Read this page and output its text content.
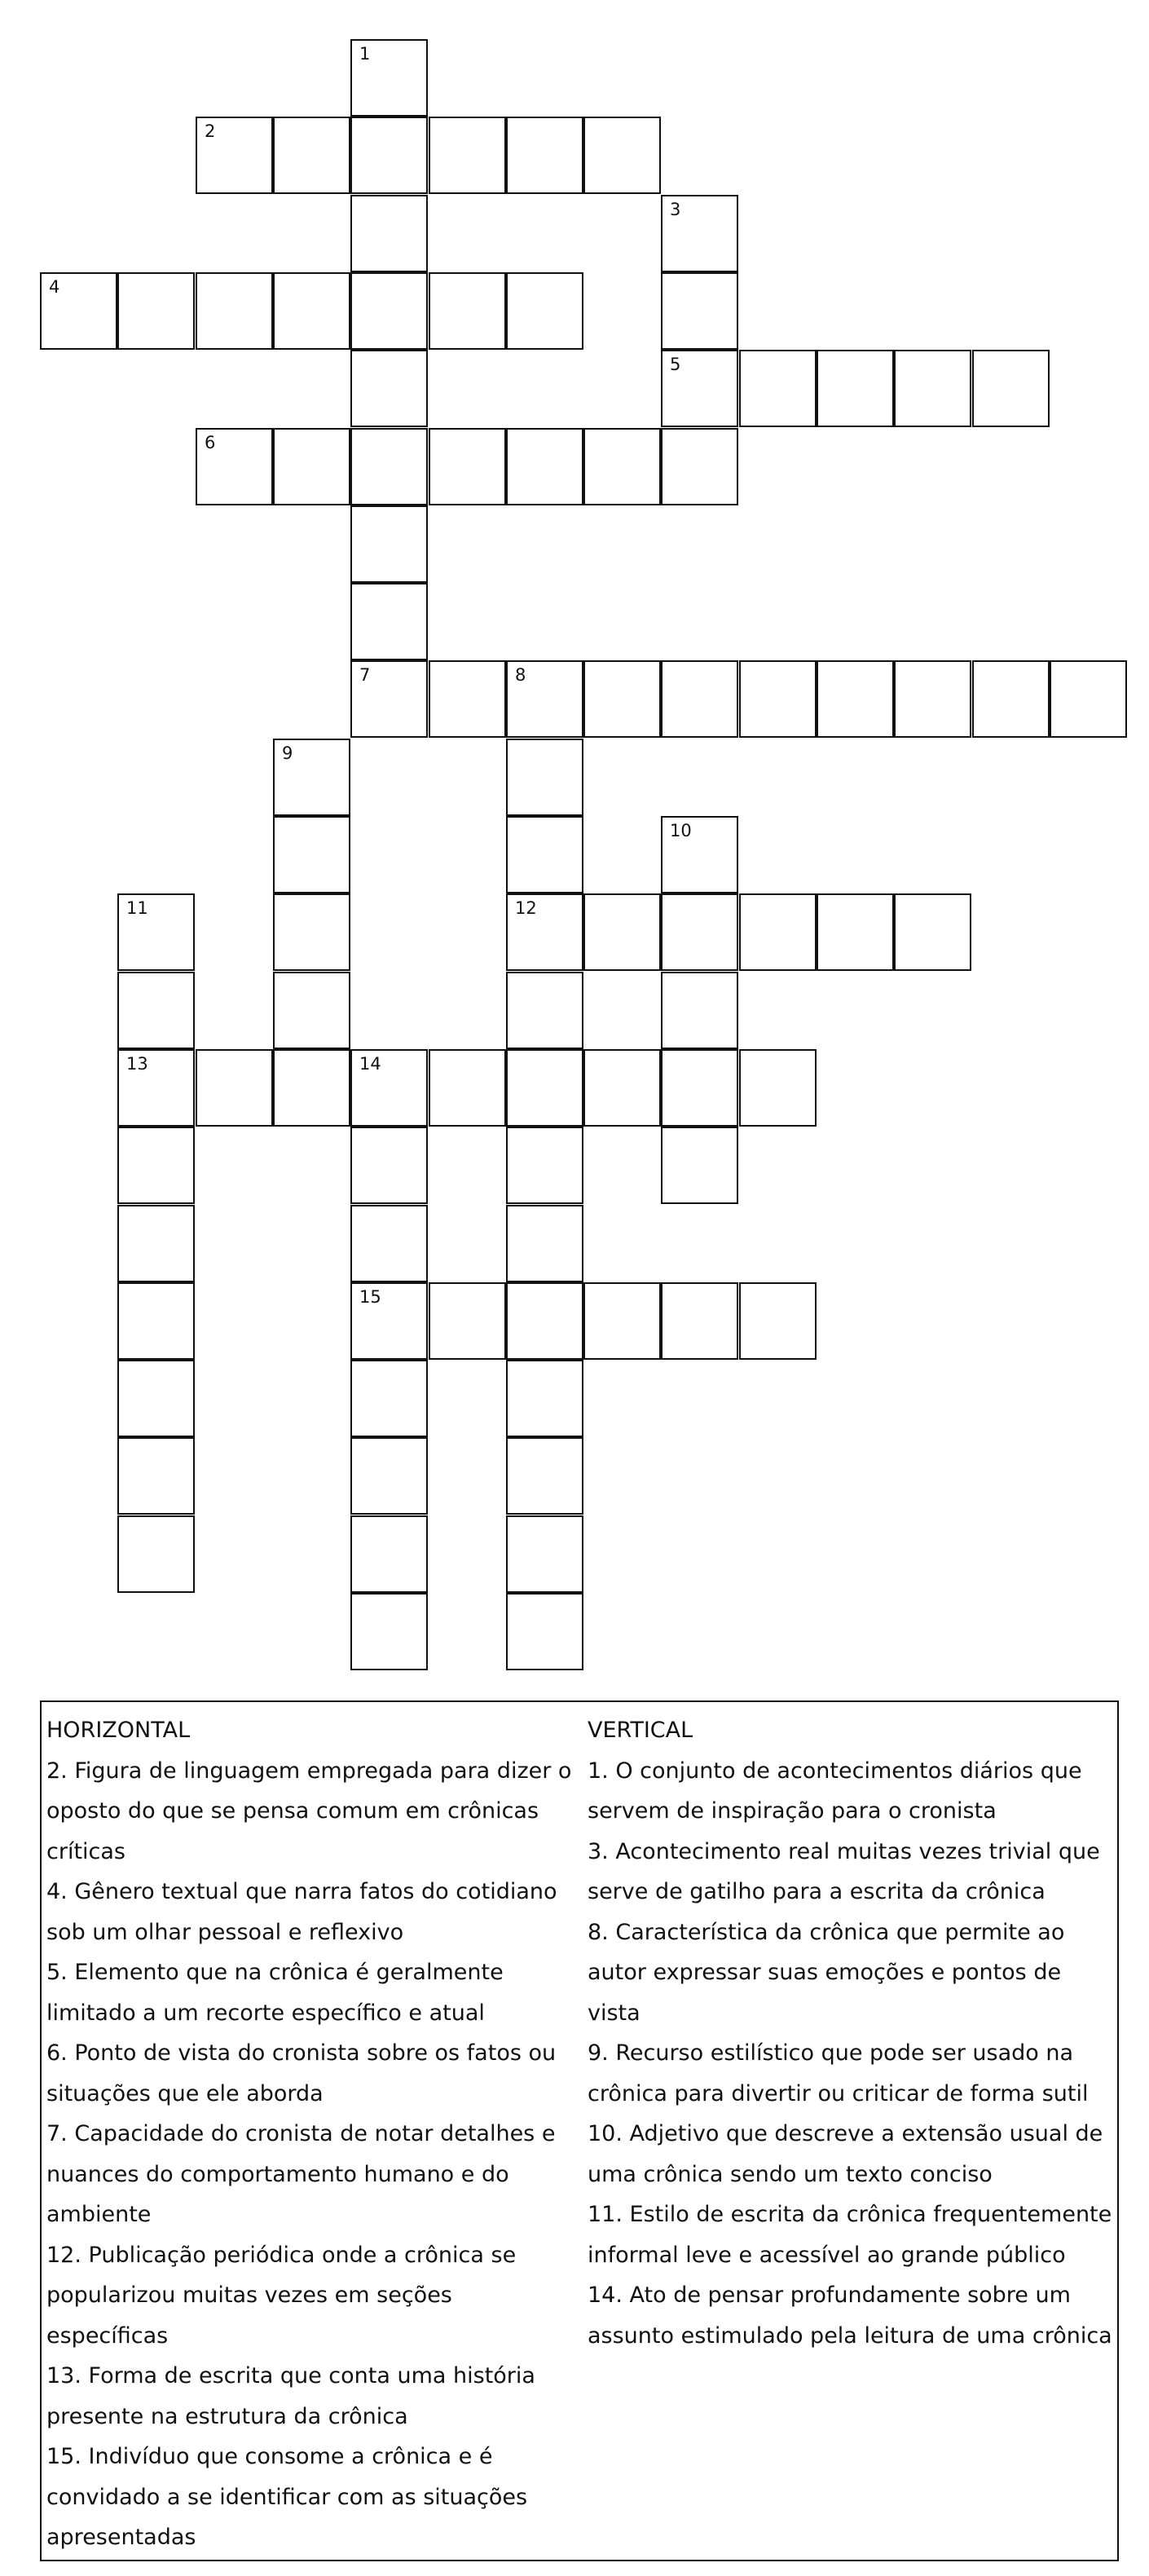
2
4
5
6
7	8
12
13	14
15
1
3
9
10
11
HORIZONTAL
2. Figura de linguagem empregada para dizer o
oposto do que se pensa comum em crônicas
críticas
4. Gênero textual que narra fatos do cotidiano
sob um olhar pessoal e reflexivo
5. Elemento que na crônica é geralmente
limitado a um recorte específico e atual
6. Ponto de vista do cronista sobre os fatos ou
situações que ele aborda
7. Capacidade do cronista de notar detalhes e
nuances do comportamento humano e do
ambiente
12. Publicação periódica onde a crônica se
popularizou muitas vezes em seções específicas
13. Forma de escrita que conta uma história
presente na estrutura da crônica
15. Indivíduo que consome a crônica e é
convidado a se identificar com as situações
apresentadas
VERTICAL
1. O conjunto de acontecimentos diários que
servem de inspiração para o cronista
3. Acontecimento real muitas vezes trivial que
serve de gatilho para a escrita da crônica
8. Característica da crônica que permite ao
autor expressar suas emoções e pontos de vista
9. Recurso estilístico que pode ser usado na
crônica para divertir ou criticar de forma sutil
10. Adjetivo que descreve a extensão usual de
uma crônica sendo um texto conciso
11. Estilo de escrita da crônica frequentemente
informal leve e acessível ao grande público
14. Ato de pensar profundamente sobre um
assunto estimulado pela leitura de uma crônica
